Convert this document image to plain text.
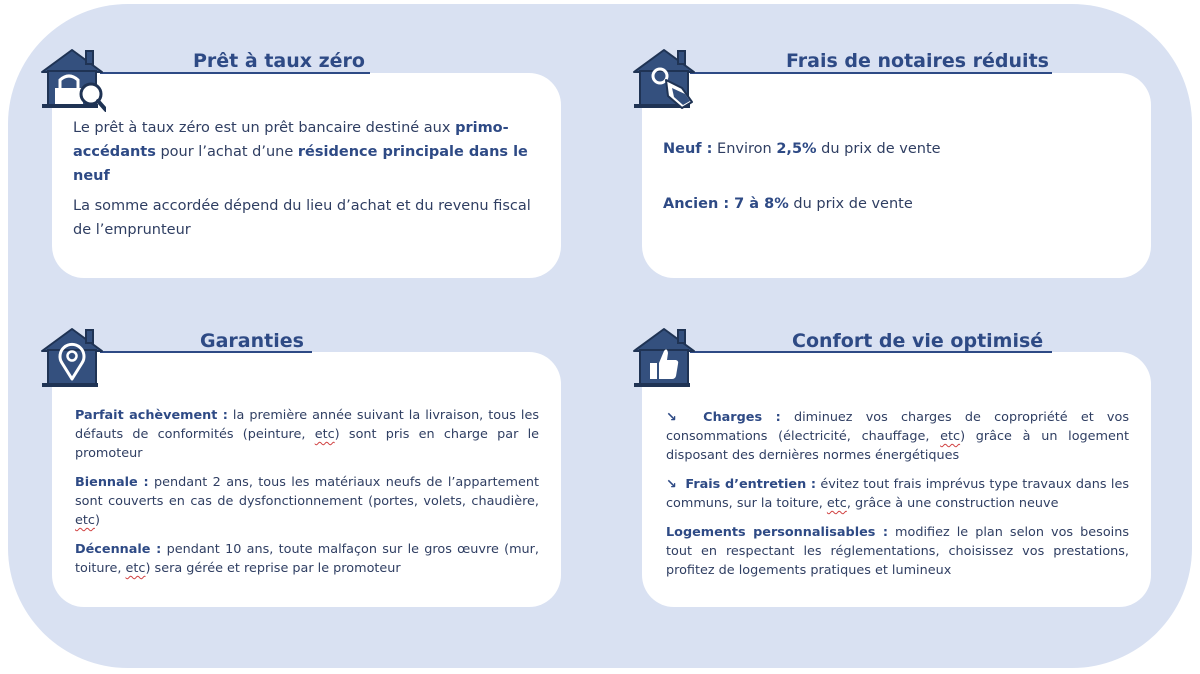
Prêt à taux zéro

Le prêt à taux zéro est un prêt bancaire destiné aux primo-accédants pour l’achat d’une résidence principale dans le neuf

La somme accordée dépend du lieu d’achat et du revenu fiscal de l’emprunteur

Frais de notaires réduits
Neuf : Environ 2,5% du prix de vente
Ancien : 7 à 8% du prix de vente
Garanties

Parfait achèvement : la première année suivant la livraison, tous les défauts de conformités (peinture, etc) sont pris en charge par le promoteur

Biennale : pendant 2 ans, tous les matériaux neufs de l’appartement sont couverts en cas de dysfonctionnement (portes, volets, chaudière, etc)

Décennale : pendant 10 ans, toute malfaçon sur le gros œuvre (mur, toiture, etc) sera gérée et reprise par le promoteur

Confort de vie optimisé

↘ Charges : diminuez vos charges de copropriété et vos consommations (électricité, chauffage, etc) grâce à un logement disposant des dernières normes énergétiques

↘ Frais d’entretien : évitez tout frais imprévus type travaux dans les communs, sur la toiture, etc, grâce à une construction neuve

Logements personnalisables : modifiez le plan selon vos besoins tout en respectant les réglementations, choisissez vos prestations, profitez de logements pratiques et lumineux
